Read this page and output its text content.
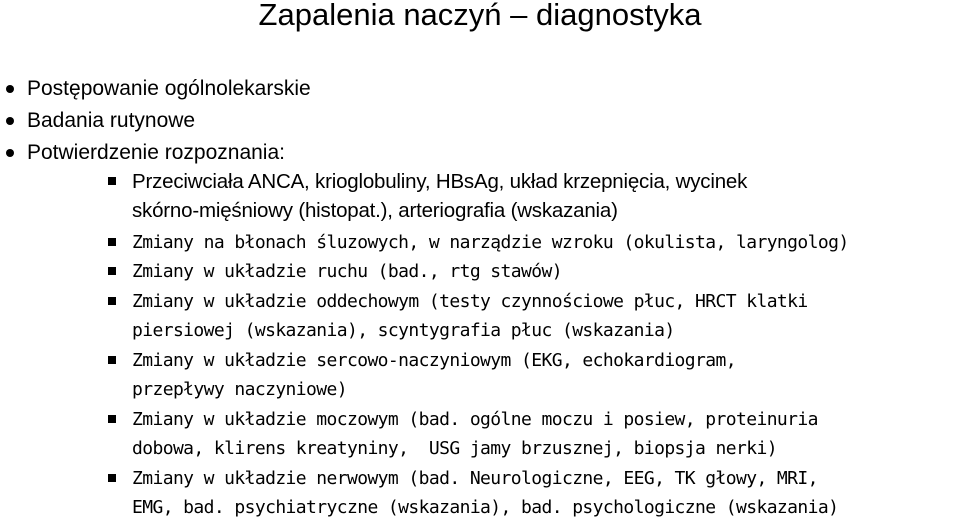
Zapalenia naczyń – diagnostyka
Postępowanie ogólnolekarskie
Badania rutynowe
Potwierdzenie rozpoznania:
Przeciwciała ANCA, krioglobuliny, HBsAg, układ krzepnięcia, wycinek
skórno-mięśniowy (histopat.), arteriografia (wskazania)
Zmiany na błonach śluzowych, w narządzie wzroku (okulista, laryngolog)
Zmiany w układzie ruchu (bad., rtg stawów)
Zmiany w układzie oddechowym (testy czynnościowe płuc, HRCT klatki
piersiowej (wskazania), scyntygrafia płuc (wskazania)
Zmiany w układzie sercowo-naczyniowym (EKG, echokardiogram,
przepływy naczyniowe)
Zmiany w układzie moczowym (bad. ogólne moczu i posiew, proteinuria
dobowa, klirens kreatyniny,  USG jamy brzusznej, biopsja nerki)
Zmiany w układzie nerwowym (bad. Neurologiczne, EEG, TK głowy, MRI,
EMG, bad. psychiatryczne (wskazania), bad. psychologiczne (wskazania)
